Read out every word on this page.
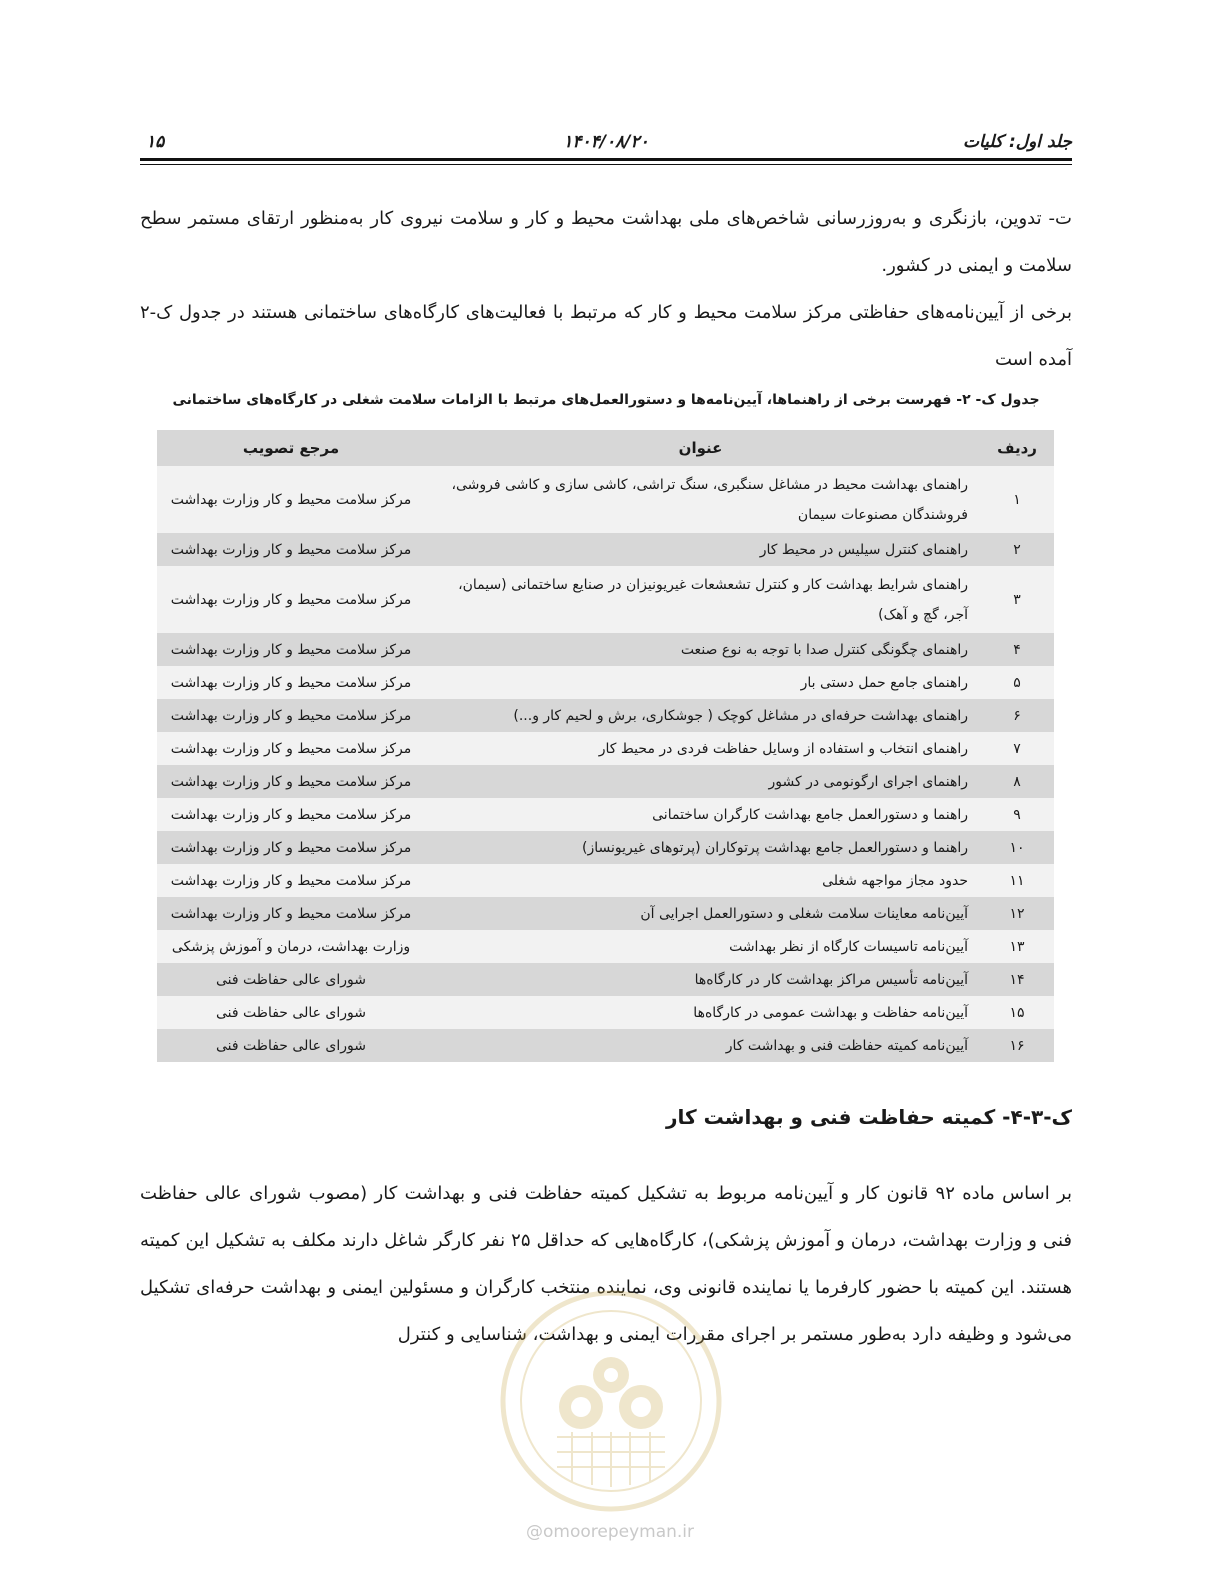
جلد اول: کلیات
۱۴۰۴/۰۸/۲۰
۱۵

ت- تدوین، بازنگری و به‌روزرسانی شاخص‌های ملی بهداشت محیط و کار و سلامت نیروی کار به‌منظور ارتقای مستمر سطح سلامت و ایمنی در کشور.

برخی از آیین‌نامه‌های حفاظتی مرکز سلامت محیط و کار که مرتبط با فعالیت‌های کارگاه‌های ساختمانی هستند در جدول ک-۲ آمده است

جدول ک- ۲- فهرست برخی از راهنماها، آیین‌نامه‌ها و دستورالعمل‌های مرتبط با الزامات سلامت شغلی در کارگاه‌های ساختمانی
ردیف	عنوان	مرجع تصویب
۱	راهنمای بهداشت محیط در مشاغل سنگبری، سنگ تراشی، کاشی سازی و کاشی فروشی، فروشندگان مصنوعات سیمان	مرکز سلامت محیط و کار وزارت بهداشت
۲	راهنمای کنترل سیلیس در محیط کار	مرکز سلامت محیط و کار وزارت بهداشت
۳	راهنمای شرایط بهداشت کار و کنترل تشعشعات غیریونیزان در صنایع ساختمانی (سیمان، آجر، گچ و آهک)	مرکز سلامت محیط و کار وزارت بهداشت
۴	راهنمای چگونگی کنترل صدا با توجه به نوع صنعت	مرکز سلامت محیط و کار وزارت بهداشت
۵	راهنمای جامع حمل دستی بار	مرکز سلامت محیط و کار وزارت بهداشت
۶	راهنمای بهداشت حرفه‌ای در مشاغل کوچک ( جوشکاری، برش و لحیم کار و...)	مرکز سلامت محیط و کار وزارت بهداشت
۷	راهنمای انتخاب و استفاده از وسایل حفاظت فردی در محیط کار	مرکز سلامت محیط و کار وزارت بهداشت
۸	راهنمای اجرای ارگونومی در کشور	مرکز سلامت محیط و کار وزارت بهداشت
۹	راهنما و دستورالعمل جامع بهداشت کارگران ساختمانی	مرکز سلامت محیط و کار وزارت بهداشت
۱۰	راهنما و دستورالعمل جامع بهداشت پرتوکاران (پرتوهای غیریونساز)	مرکز سلامت محیط و کار وزارت بهداشت
۱۱	حدود مجاز مواجهه شغلی	مرکز سلامت محیط و کار وزارت بهداشت
۱۲	آیین‌نامه معاینات سلامت شغلی و دستورالعمل اجرایی آن	مرکز سلامت محیط و کار وزارت بهداشت
۱۳	آیین‌نامه تاسیسات کارگاه از نظر بهداشت	وزارت بهداشت، درمان و آموزش پزشکی
۱۴	آیین‌نامه تأسیس مراکز بهداشت کار در کارگاه‌ها	شورای عالی حفاظت فنی
۱۵	آیین‌نامه حفاظت و بهداشت عمومی در کارگاه‌ها	شورای عالی حفاظت فنی
۱۶	آیین‌نامه کمیته حفاظت فنی و بهداشت کار	شورای عالی حفاظت فنی
ک-۳-۴- کمیته حفاظت فنی و بهداشت کار

بر اساس ماده ۹۲ قانون کار و آیین‌نامه مربوط به تشکیل کمیته حفاظت فنی و بهداشت کار (مصوب شورای عالی حفاظت فنی و وزارت بهداشت، درمان و آموزش پزشکی)، کارگاه‌هایی که حداقل ۲۵ نفر کارگر شاغل دارند مکلف به تشکیل این کمیته هستند. این کمیته با حضور کارفرما یا نماینده قانونی وی، نماینده منتخب کارگران و مسئولین ایمنی و بهداشت حرفه‌ای تشکیل می‌شود و وظیفه دارد به‌طور مستمر بر اجرای مقررات ایمنی و بهداشت، شناسایی و کنترل

@omoorepeyman.ir
